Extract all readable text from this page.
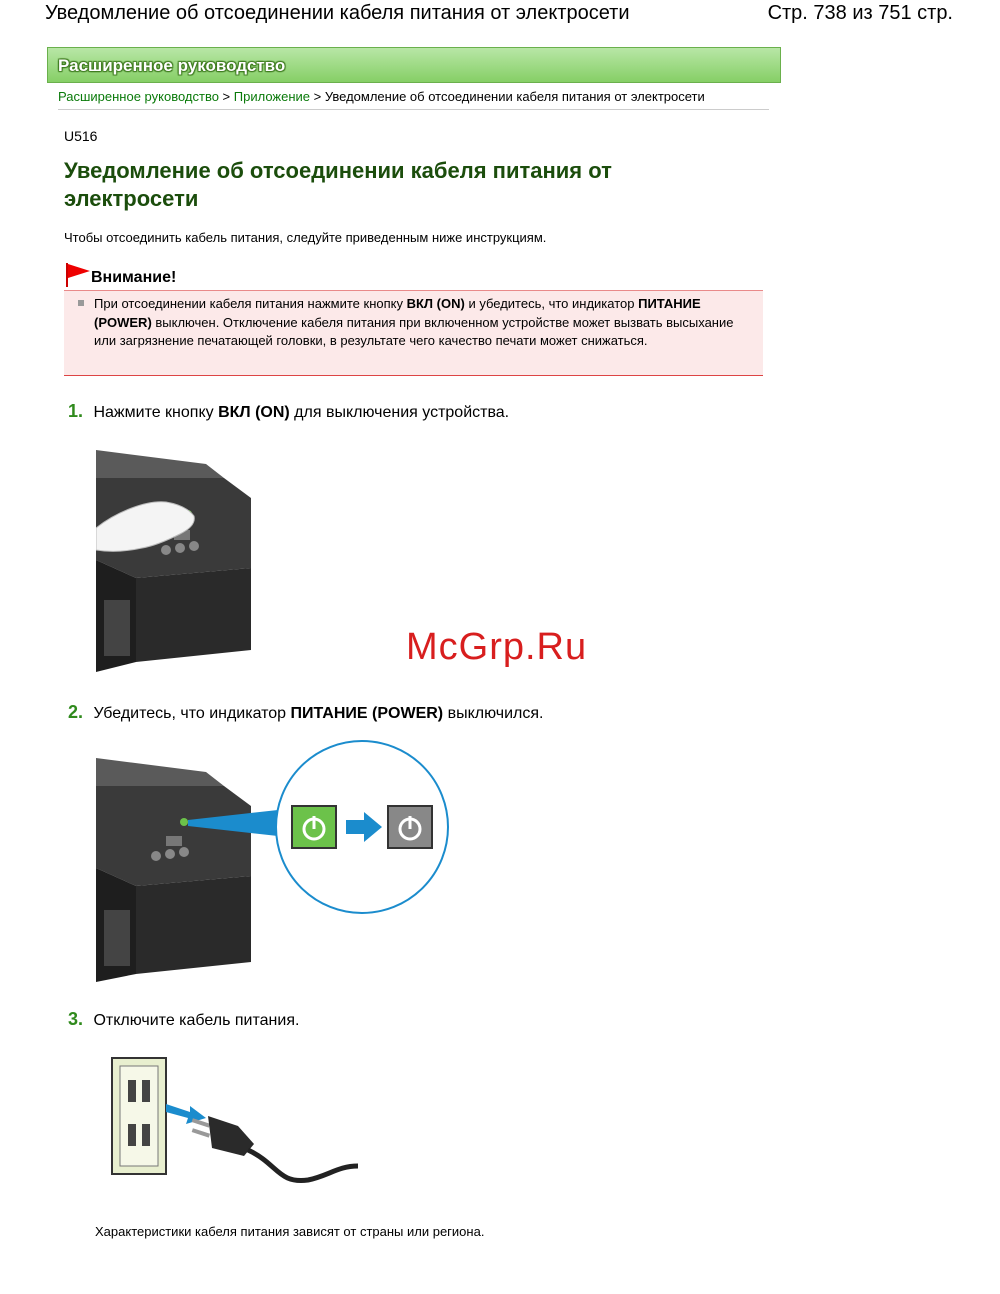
Уведомление об отсоединении кабеля питания от электросети	Стр. 738 из 751 стр.
Расширенное руководство
Расширенное руководство > Приложение > Уведомление об отсоединении кабеля питания от электросети
U516
Уведомление об отсоединении кабеля питания от электросети
Чтобы отсоединить кабель питания, следуйте приведенным ниже инструкциям.
Внимание!
При отсоединении кабеля питания нажмите кнопку ВКЛ (ON) и убедитесь, что индикатор ПИТАНИЕ (POWER) выключен. Отключение кабеля питания при включенном устройстве может вызвать высыхание или загрязнение печатающей головки, в результате чего качество печати может снижаться.
1. Нажмите кнопку ВКЛ (ON) для выключения устройства.
McGrp.Ru
2. Убедитесь, что индикатор ПИТАНИЕ (POWER) выключился.
3. Отключите кабель питания.
Характеристики кабеля питания зависят от страны или региона.
